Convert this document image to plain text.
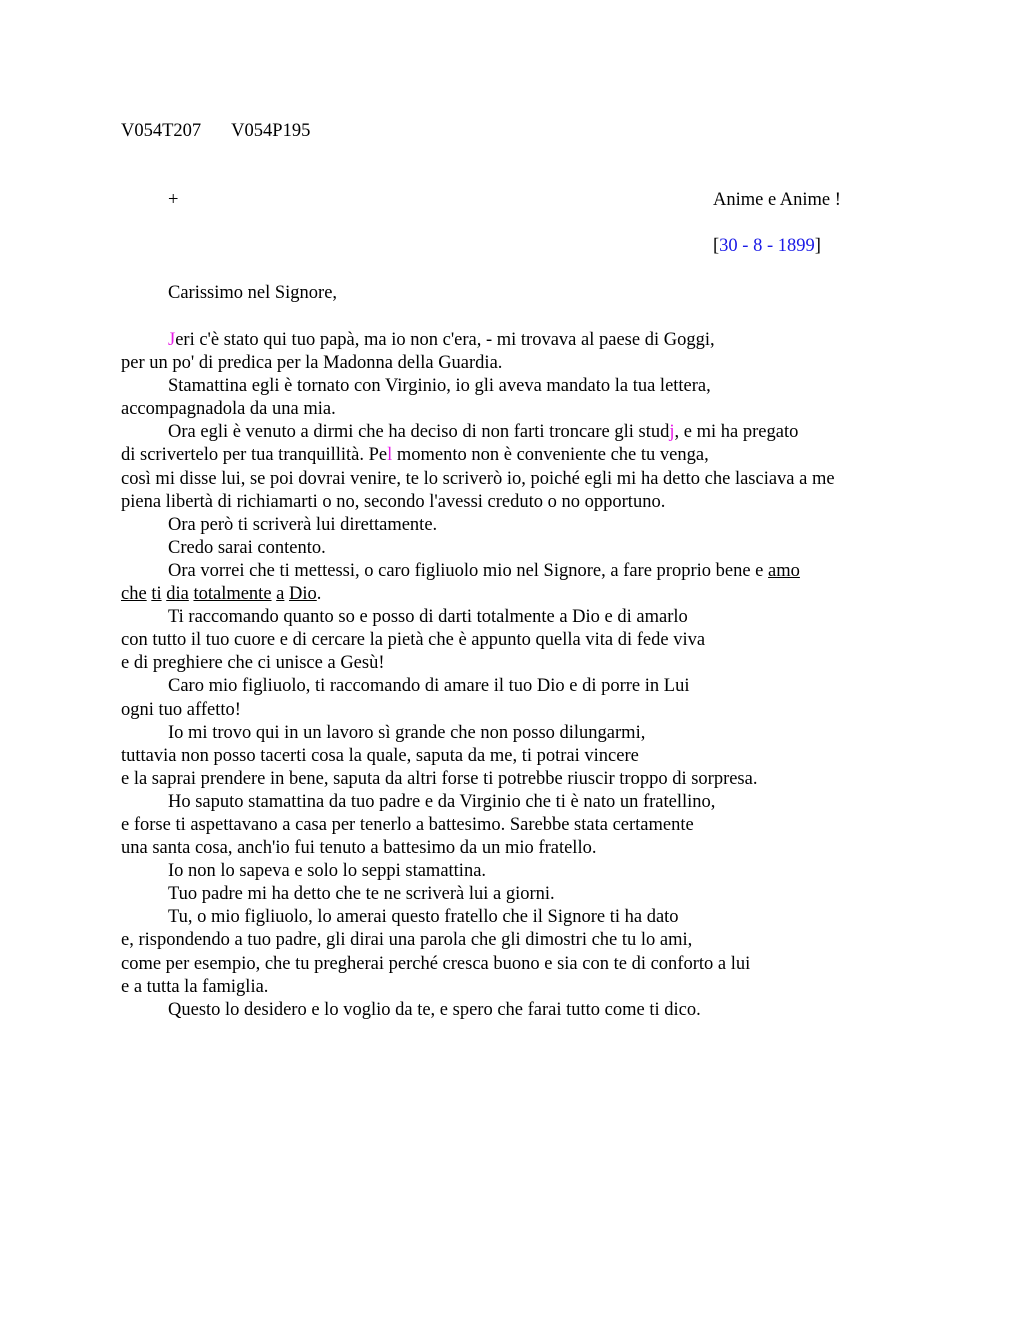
V054T207 V054P195
+	Anime e Anime !
[30 - 8 - 1899]
Carissimo nel Signore,
Jeri c'è stato qui tuo papà, ma io non c'era, - mi trovava al paese di Goggi,
per un po' di predica per la Madonna della Guardia.
Stamattina egli è tornato con Virginio, io gli aveva mandato la tua lettera,
accompagnadola da una mia.
Ora egli è venuto a dirmi che ha deciso di non farti troncare gli studj, e mi ha pregato
di scrivertelo per tua tranquillità. Pel momento non è conveniente che tu venga,
così mi disse lui, se poi dovrai venire, te lo scriverò io, poiché egli mi ha detto che lasciava a me
piena libertà di richiamarti o no, secondo l'avessi creduto o no opportuno.
Ora però ti scriverà lui direttamente.
Credo sarai contento.
Ora vorrei che ti mettessi, o caro figliuolo mio nel Signore, a fare proprio bene e amo
che ti dia totalmente a Dio.
Ti raccomando quanto so e posso di darti totalmente a Dio e di amarlo
con tutto il tuo cuore e di cercare la pietà che è appunto quella vita di fede viva
e di preghiere che ci unisce a Gesù!
Caro mio figliuolo, ti raccomando di amare il tuo Dio e di porre in Lui
ogni tuo affetto!
Io mi trovo qui in un lavoro sì grande che non posso dilungarmi,
tuttavia non posso tacerti cosa la quale, saputa da me, ti potrai vincere
e la saprai prendere in bene, saputa da altri forse ti potrebbe riuscir troppo di sorpresa.
Ho saputo stamattina da tuo padre e da Virginio che ti è nato un fratellino,
e forse ti aspettavano a casa per tenerlo a battesimo. Sarebbe stata certamente
una santa cosa, anch'io fui tenuto a battesimo da un mio fratello.
Io non lo sapeva e solo lo seppi stamattina.
Tuo padre mi ha detto che te ne scriverà lui a giorni.
Tu, o mio figliuolo, lo amerai questo fratello che il Signore ti ha dato
e, rispondendo a tuo padre, gli dirai una parola che gli dimostri che tu lo ami,
come per esempio, che tu pregherai perché cresca buono e sia con te di conforto a lui
e a tutta la famiglia.
Questo lo desidero e lo voglio da te, e spero che farai tutto come ti dico.
